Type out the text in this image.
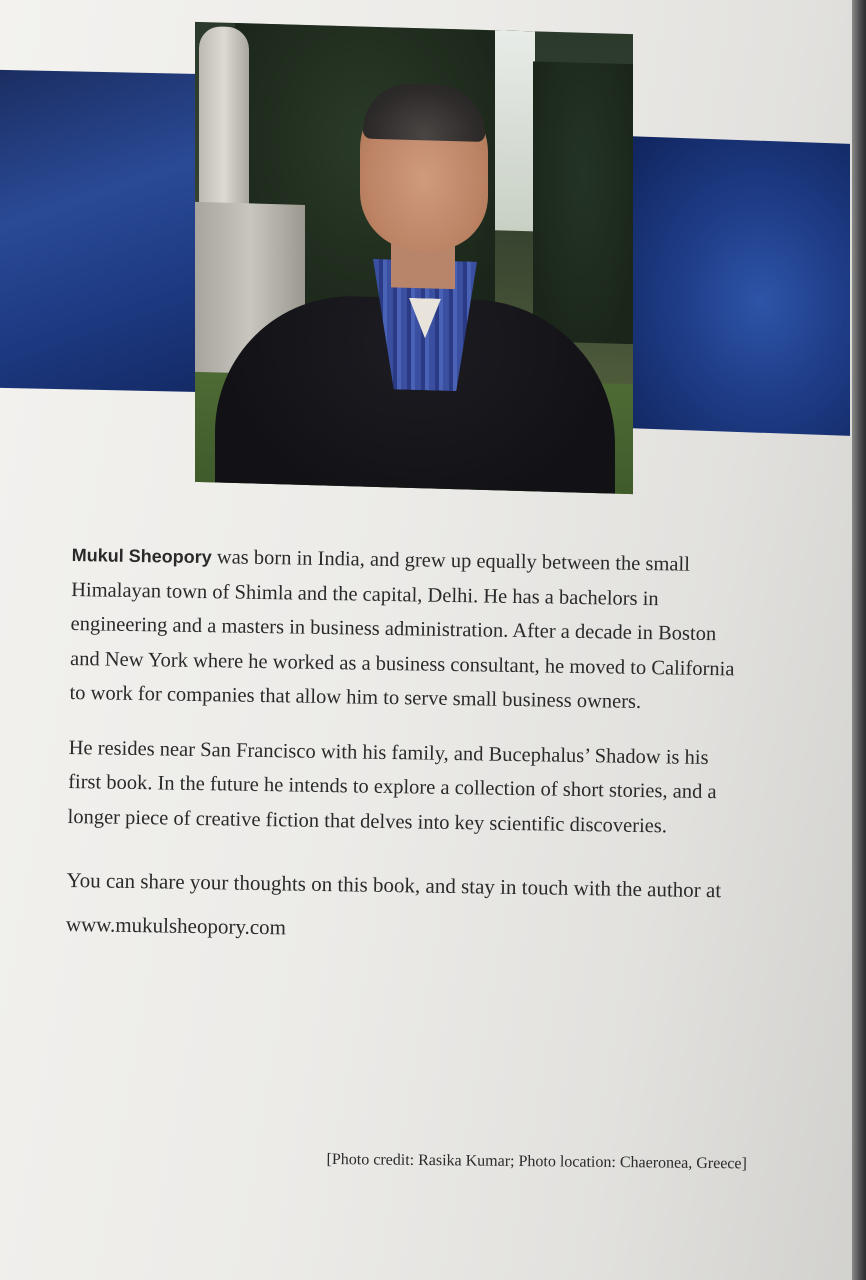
Mukul Sheopory was born in India, and grew up equally between the small Himalayan town of Shimla and the capital, Delhi. He has a bachelors in engineering and a masters in business administration. After a decade in Boston and New York where he worked as a business consultant, he moved to California to work for companies that allow him to serve small business owners.

He resides near San Francisco with his family, and Bucephalus’ Shadow is his first book. In the future he intends to explore a collection of short stories, and a longer piece of creative fiction that delves into key scientific discoveries.

You can share your thoughts on this book, and stay in touch with the author at www.mukulsheopory.com

[Photo credit: Rasika Kumar; Photo location: Chaeronea, Greece]
